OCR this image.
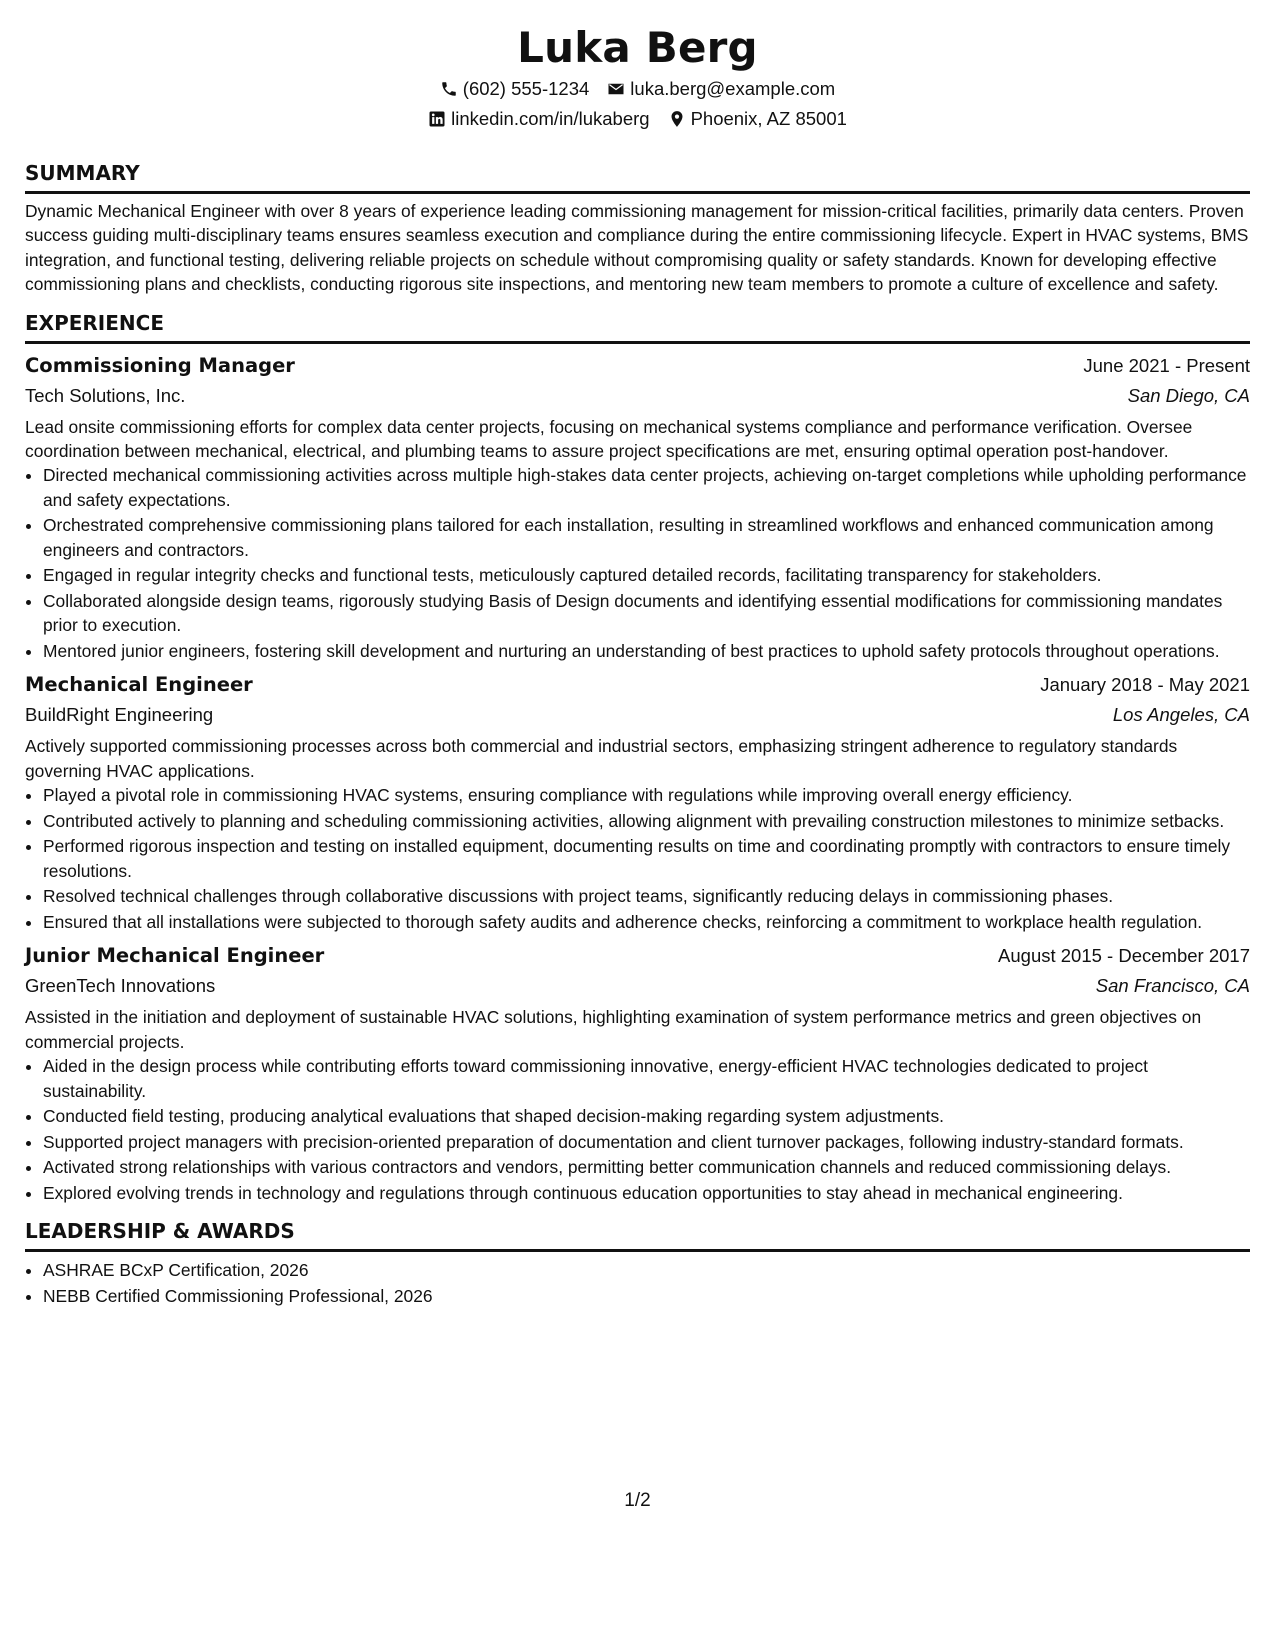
Luka Berg
(602) 555-1234 luka.berg@example.com
linkedin.com/in/lukaberg Phoenix, AZ 85001
SUMMARY

Dynamic Mechanical Engineer with over 8 years of experience leading commissioning management for mission-critical facilities, primarily data centers. Proven success guiding multi-disciplinary teams ensures seamless execution and compliance during the entire commissioning lifecycle. Expert in HVAC systems, BMS integration, and functional testing, delivering reliable projects on schedule without compromising quality or safety standards. Known for developing effective commissioning plans and checklists, conducting rigorous site inspections, and mentoring new team members to promote a culture of excellence and safety.

EXPERIENCE
Commissioning Manager	June 2021 - Present
Tech Solutions, Inc.	San Diego, CA

Lead onsite commissioning efforts for complex data center projects, focusing on mechanical systems compliance and performance verification. Oversee coordination between mechanical, electrical, and plumbing teams to assure project specifications are met, ensuring optimal operation post-handover.

• Directed mechanical commissioning activities across multiple high-stakes data center projects, achieving on-target completions while upholding performance and safety expectations.
• Orchestrated comprehensive commissioning plans tailored for each installation, resulting in streamlined workflows and enhanced communication among engineers and contractors.
• Engaged in regular integrity checks and functional tests, meticulously captured detailed records, facilitating transparency for stakeholders.
• Collaborated alongside design teams, rigorously studying Basis of Design documents and identifying essential modifications for commissioning mandates prior to execution.
• Mentored junior engineers, fostering skill development and nurturing an understanding of best practices to uphold safety protocols throughout operations.
Mechanical Engineer	January 2018 - May 2021
BuildRight Engineering	Los Angeles, CA

Actively supported commissioning processes across both commercial and industrial sectors, emphasizing stringent adherence to regulatory standards governing HVAC applications.

• Played a pivotal role in commissioning HVAC systems, ensuring compliance with regulations while improving overall energy efficiency.
• Contributed actively to planning and scheduling commissioning activities, allowing alignment with prevailing construction milestones to minimize setbacks.
• Performed rigorous inspection and testing on installed equipment, documenting results on time and coordinating promptly with contractors to ensure timely resolutions.
• Resolved technical challenges through collaborative discussions with project teams, significantly reducing delays in commissioning phases.
• Ensured that all installations were subjected to thorough safety audits and adherence checks, reinforcing a commitment to workplace health regulation.
Junior Mechanical Engineer	August 2015 - December 2017
GreenTech Innovations	San Francisco, CA

Assisted in the initiation and deployment of sustainable HVAC solutions, highlighting examination of system performance metrics and green objectives on commercial projects.

• Aided in the design process while contributing efforts toward commissioning innovative, energy-efficient HVAC technologies dedicated to project sustainability.
• Conducted field testing, producing analytical evaluations that shaped decision-making regarding system adjustments.
• Supported project managers with precision-oriented preparation of documentation and client turnover packages, following industry-standard formats.
• Activated strong relationships with various contractors and vendors, permitting better communication channels and reduced commissioning delays.
• Explored evolving trends in technology and regulations through continuous education opportunities to stay ahead in mechanical engineering.
LEADERSHIP & AWARDS
• ASHRAE BCxP Certification, 2026
• NEBB Certified Commissioning Professional, 2026
1/2
